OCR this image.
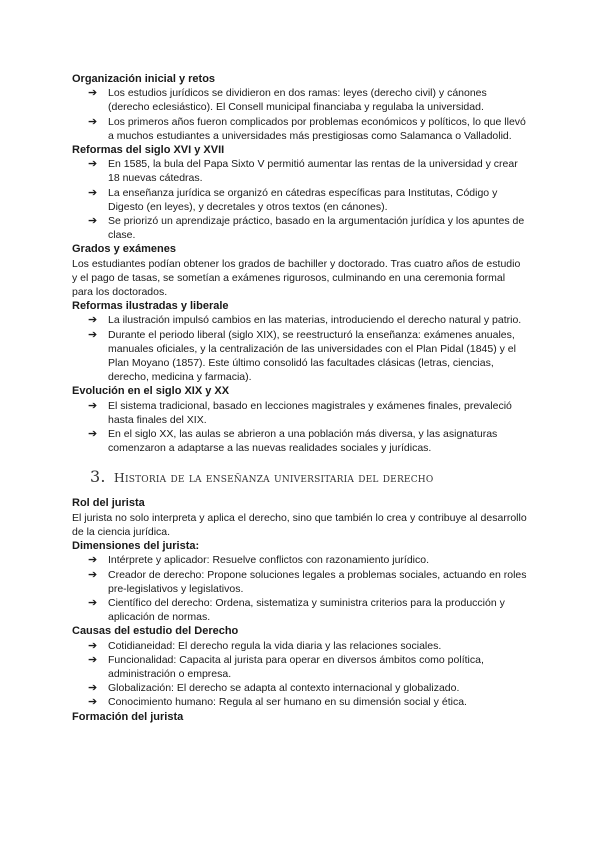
Organización inicial y retos
➔ Los estudios jurídicos se dividieron en dos ramas: leyes (derecho civil) y cánones (derecho eclesiástico). El Consell municipal financiaba y regulaba la universidad.
➔ Los primeros años fueron complicados por problemas económicos y políticos, lo que llevó a muchos estudiantes a universidades más prestigiosas como Salamanca o Valladolid.
Reformas del siglo XVI y XVII
➔ En 1585, la bula del Papa Sixto V permitió aumentar las rentas de la universidad y crear 18 nuevas cátedras.
➔ La enseñanza jurídica se organizó en cátedras específicas para Institutas, Código y Digesto (en leyes), y decretales y otros textos (en cánones).
➔ Se priorizó un aprendizaje práctico, basado en la argumentación jurídica y los apuntes de clase.
Grados y exámenes

Los estudiantes podían obtener los grados de bachiller y doctorado. Tras cuatro años de estudio y el pago de tasas, se sometían a exámenes rigurosos, culminando en una ceremonia formal para los doctorados.

Reformas ilustradas y liberale
➔ La ilustración impulsó cambios en las materias, introduciendo el derecho natural y patrio.
➔ Durante el periodo liberal (siglo XIX), se reestructuró la enseñanza: exámenes anuales, manuales oficiales, y la centralización de las universidades con el Plan Pidal (1845) y el Plan Moyano (1857). Este último consolidó las facultades clásicas (letras, ciencias, derecho, medicina y farmacia).
Evolución en el siglo XIX y XX
➔ El sistema tradicional, basado en lecciones magistrales y exámenes finales, prevaleció hasta finales del XIX.
➔ En el siglo XX, las aulas se abrieron a una población más diversa, y las asignaturas comenzaron a adaptarse a las nuevas realidades sociales y jurídicas.
3. Historia de la enseñanza universitaria del derecho
Rol del jurista

El jurista no solo interpreta y aplica el derecho, sino que también lo crea y contribuye al desarrollo de la ciencia jurídica.

Dimensiones del jurista:
➔ Intérprete y aplicador: Resuelve conflictos con razonamiento jurídico.
➔ Creador de derecho: Propone soluciones legales a problemas sociales, actuando en roles pre-legislativos y legislativos.
➔ Científico del derecho: Ordena, sistematiza y suministra criterios para la producción y aplicación de normas.
Causas del estudio del Derecho
➔ Cotidianeidad: El derecho regula la vida diaria y las relaciones sociales.
➔ Funcionalidad: Capacita al jurista para operar en diversos ámbitos como política, administración o empresa.
➔ Globalización: El derecho se adapta al contexto internacional y globalizado.
➔ Conocimiento humano: Regula al ser humano en su dimensión social y ética.
Formación del jurista
